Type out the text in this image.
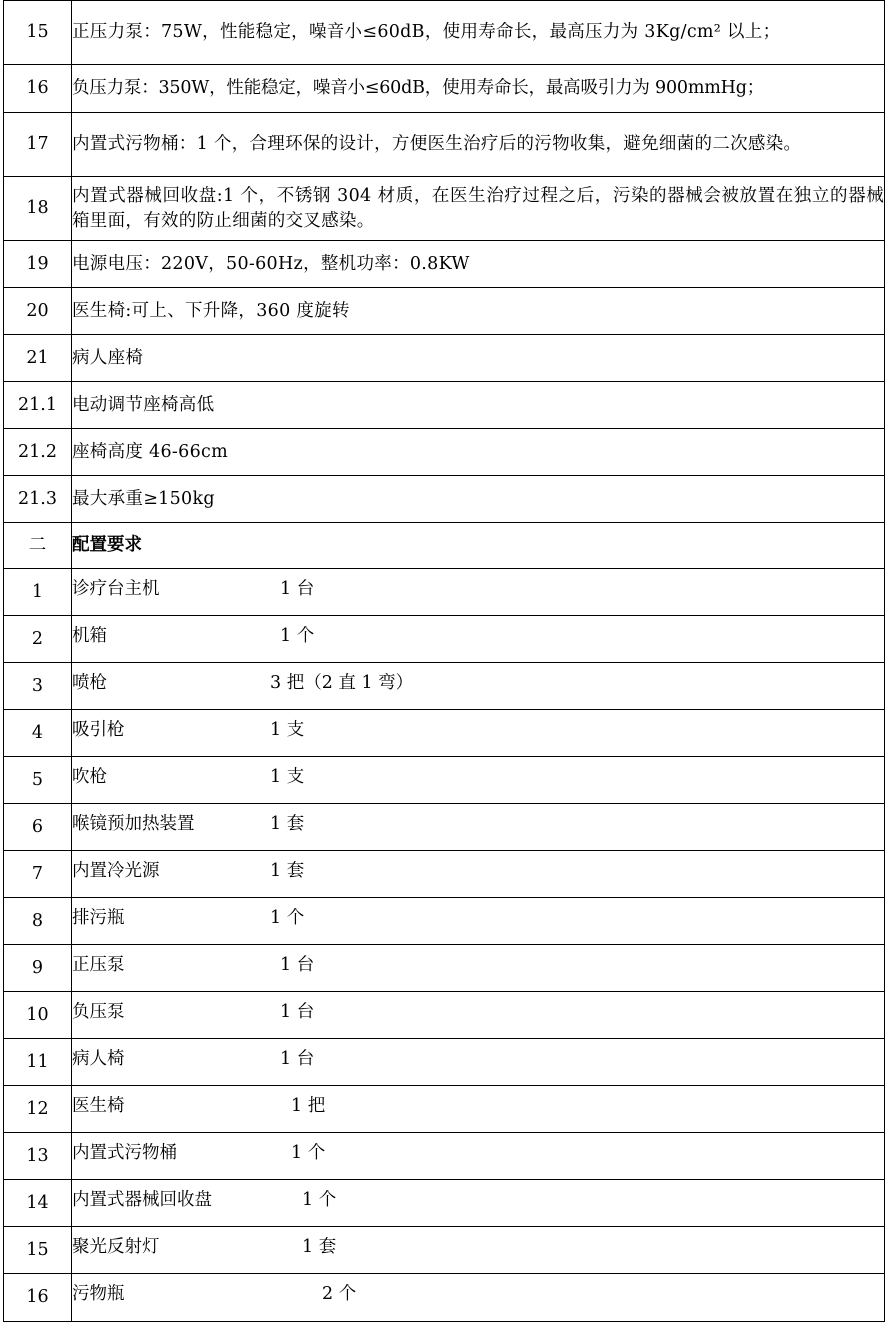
15	正压力泵：75W，性能稳定，噪音小≤60dB，使用寿命长，最高压力为 3Kg/cm² 以上；

16	负压力泵：350W，性能稳定，噪音小≤60dB，使用寿命长，最高吸引力为 900mmHg；

17	内置式污物桶：1 个，合理环保的设计，方便医生治疗后的污物收集，避免细菌的二次感染。

18	内置式器械回收盘:1 个，不锈钢 304 材质，在医生治疗过程之后，污染的器械会被放置在独立的器械箱里面，有效的防止细菌的交叉感染。

19	电源电压：220V，50-60Hz，整机功率：0.8KW

20	医生椅:可上、下升降，360 度旋转

21	病人座椅

21.1	电动调节座椅高低

21.2	座椅高度 46-66cm

21.3	最大承重≥150kg

二	配置要求
1	诊疗台主机 1 台

2	机箱 1 个

3	喷枪 3 把（2 直 1 弯）

4	吸引枪 1 支

5	吹枪 1 支

6	喉镜预加热装置 1 套

7	内置冷光源 1 套

8	排污瓶 1 个

9	正压泵 1 台

10	负压泵 1 台

11	病人椅 1 台

12	医生椅 1 把

13	内置式污物桶 1 个

14	内置式器械回收盘 1 个

15	聚光反射灯 1 套

16	污物瓶 2 个
